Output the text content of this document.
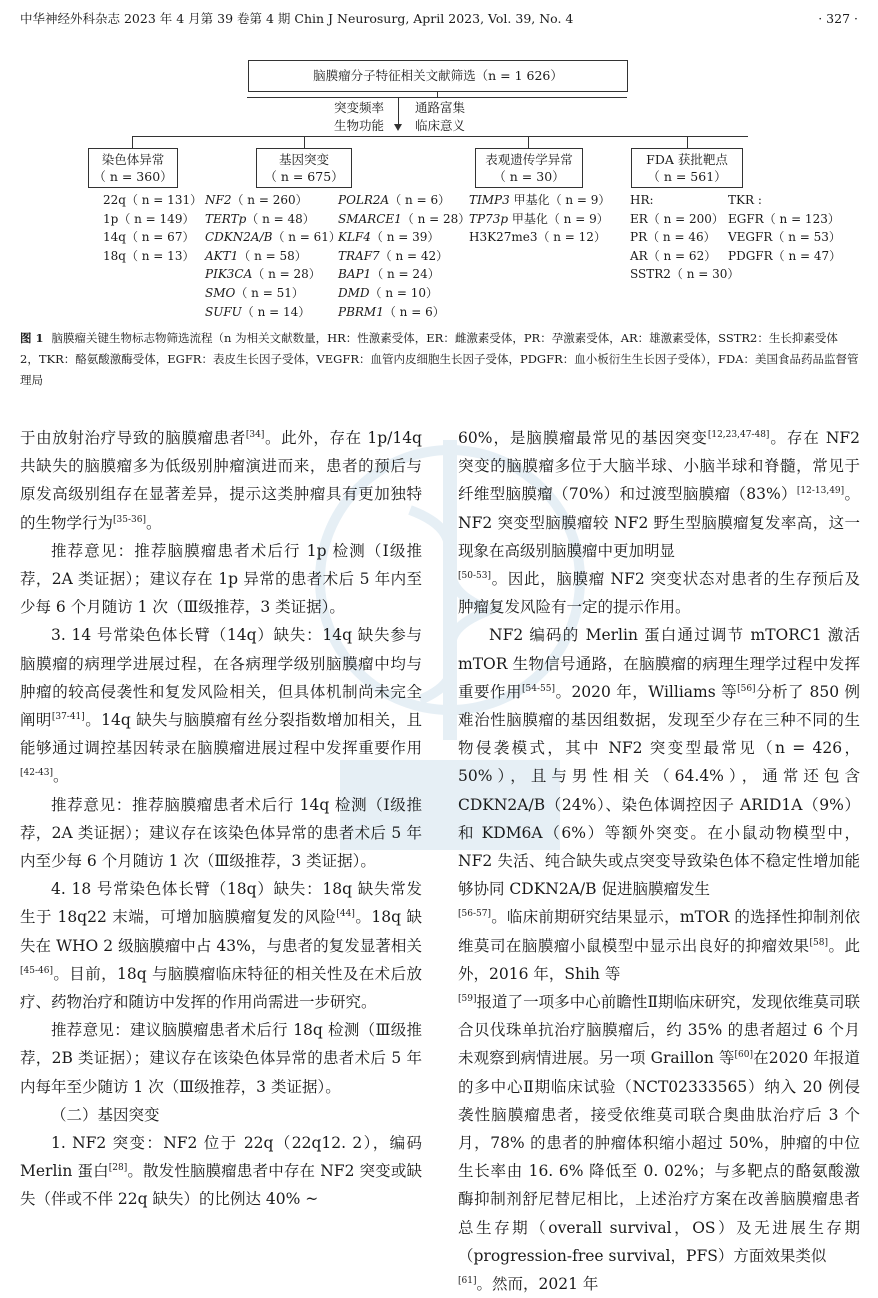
中华神经外科杂志 2023 年 4 月第 39 卷第 4 期 Chin J Neurosurg, April 2023, Vol. 39, No. 4	· 327 ·
脑膜瘤分子特征相关文献筛选（n = 1 626）
突变频率
生物功能
通路富集
临床意义
染色体异常
（ n = 360）
基因突变
（ n = 675）
表观遗传学异常
（ n = 30）
FDA 获批靶点
（ n = 561）
22q（ n = 131）
1p（ n = 149）
14q（ n = 67）
18q（ n = 13）
NF2（ n = 260）
TERTp（ n = 48）
CDKN2A/B（ n = 61）
AKT1（ n = 58）
PIK3CA（ n = 28）
SMO（ n = 51）
SUFU（ n = 14）
POLR2A（ n = 6）
SMARCE1（ n = 28）
KLF4（ n = 39）
TRAF7（ n = 42）
BAP1（ n = 24）
DMD（ n = 10）
PBRM1（ n = 6）
TIMP3 甲基化（ n = 9）
TP73p 甲基化（ n = 9）
H3K27me3（ n = 12）
HR:
ER（ n = 200）
PR（ n = 46）
AR（ n = 62）
SSTR2（ n = 30）
TKR :
EGFR（ n = 123）
VEGFR（ n = 53）
PDGFR（ n = 47）
图 1 脑膜瘤关键生物标志物筛选流程（n 为相关文献数量，HR：性激素受体，ER：雌激素受体，PR：孕激素受体，AR：雄激素受体，SSTR2：生长抑素受体 2，TKR：酪氨酸激酶受体，EGFR：表皮生长因子受体，VEGFR：血管内皮细胞生长因子受体，PDGFR：血小板衍生生长因子受体），FDA：美国食品药品监督管理局

于由放射治疗导致的脑膜瘤患者[34]。此外，存在 1p/14q 共缺失的脑膜瘤多为低级别肿瘤演进而来，患者的预后与原发高级别组存在显著差异，提示这类肿瘤具有更加独特的生物学行为[35-36]。

推荐意见：推荐脑膜瘤患者术后行 1p 检测（Ⅰ级推荐，2A 类证据）；建议存在 1p 异常的患者术后 5 年内至少每 6 个月随访 1 次（Ⅲ级推荐，3 类证据）。

3. 14 号常染色体长臂（14q）缺失：14q 缺失参与脑膜瘤的病理学进展过程，在各病理学级别脑膜瘤中均与肿瘤的较高侵袭性和复发风险相关，但具体机制尚未完全阐明[37-41]。14q 缺失与脑膜瘤有丝分裂指数增加相关，且能够通过调控基因转录在脑膜瘤进展过程中发挥重要作用[42-43]。

推荐意见：推荐脑膜瘤患者术后行 14q 检测（Ⅰ级推荐，2A 类证据）；建议存在该染色体异常的患者术后 5 年内至少每 6 个月随访 1 次（Ⅲ级推荐，3 类证据）。

4. 18 号常染色体长臂（18q）缺失：18q 缺失常发生于 18q22 末端，可增加脑膜瘤复发的风险[44]。18q 缺失在 WHO 2 级脑膜瘤中占 43%，与患者的复发显著相关[45-46]。目前，18q 与脑膜瘤临床特征的相关性及在术后放疗、药物治疗和随访中发挥的作用尚需进一步研究。

推荐意见：建议脑膜瘤患者术后行 18q 检测（Ⅲ级推荐，2B 类证据）；建议存在该染色体异常的患者术后 5 年内每年至少随访 1 次（Ⅲ级推荐，3 类证据）。

（二）基因突变

1. NF2 突变：NF2 位于 22q（22q12. 2），编码 Merlin 蛋白[28]。散发性脑膜瘤患者中存在 NF2 突变或缺失（伴或不伴 22q 缺失）的比例达 40% ~

60%，是脑膜瘤最常见的基因突变[12,23,47-48]。存在 NF2 突变的脑膜瘤多位于大脑半球、小脑半球和脊髓，常见于纤维型脑膜瘤（70%）和过渡型脑膜瘤（83%）[12-13,49]。NF2 突变型脑膜瘤较 NF2 野生型脑膜瘤复发率高，这一现象在高级别脑膜瘤中更加明显

[50-53]。因此，脑膜瘤 NF2 突变状态对患者的生存预后及肿瘤复发风险有一定的提示作用。

NF2 编码的 Merlin 蛋白通过调节 mTORC1 激活 mTOR 生物信号通路，在脑膜瘤的病理生理学过程中发挥重要作用[54-55]。2020 年，Williams 等[56]分析了 850 例难治性脑膜瘤的基因组数据，发现至少存在三种不同的生物侵袭模式，其中 NF2 突变型最常见（n = 426，50%），且与男性相关（64.4%），通常还包含 CDKN2A/B（24%）、染色体调控因子 ARID1A（9%）和 KDM6A（6%）等额外突变。在小鼠动物模型中，NF2 失活、纯合缺失或点突变导致染色体不稳定性增加能够协同 CDKN2A/B 促进脑膜瘤发生

[56-57]。临床前期研究结果显示，mTOR 的选择性抑制剂依维莫司在脑膜瘤小鼠模型中显示出良好的抑瘤效果[58]。此外，2016 年，Shih 等

[59]报道了一项多中心前瞻性Ⅱ期临床研究，发现依维莫司联合贝伐珠单抗治疗脑膜瘤后，约 35% 的患者超过 6 个月未观察到病情进展。另一项 Graillon 等[60]在2020 年报道的多中心Ⅱ期临床试验（NCT02333565）纳入 20 例侵袭性脑膜瘤患者，接受依维莫司联合奥曲肽治疗后 3 个月，78% 的患者的肿瘤体积缩小超过 50%，肿瘤的中位生长率由 16. 6% 降低至 0. 02%；与多靶点的酪氨酸激酶抑制剂舒尼替尼相比，上述治疗方案在改善脑膜瘤患者总生存期（overall survival，OS）及无进展生存期（progression-free survival，PFS）方面效果类似

[61]。然而，2021 年
